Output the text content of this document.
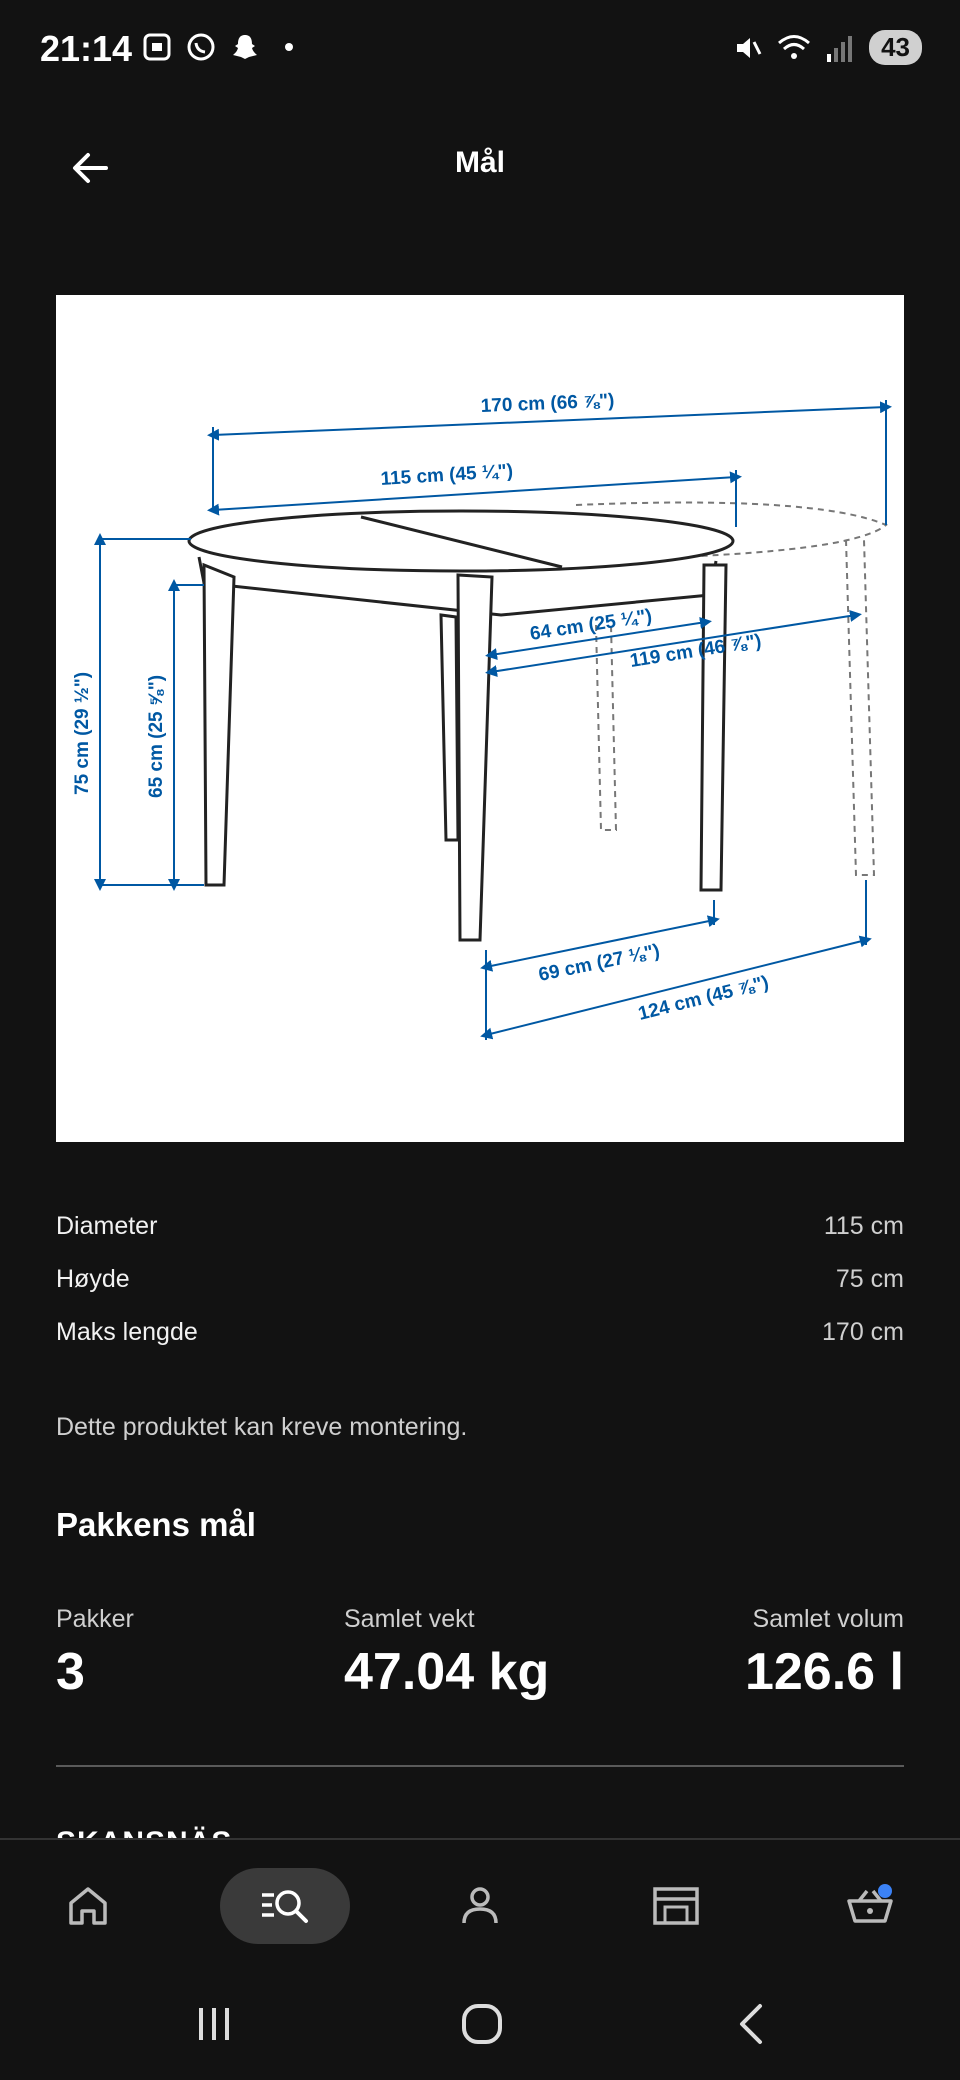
21:14	43
Mål
170 cm (66 ⅞")
115 cm (45 ¼")
75 cm (29 ½")	65 cm (25 ⅝")
64 cm (25 ¼")
119 cm (46 ⅞")
69 cm (27 ⅛")
124 cm (45 ⅞")
Diameter	115 cm
Høyde	75 cm
Maks lengde	170 cm
Dette produktet kan kreve montering.
Pakkens mål
Pakker
3
Samlet vekt
47.04 kg
Samlet volum
126.6 l
